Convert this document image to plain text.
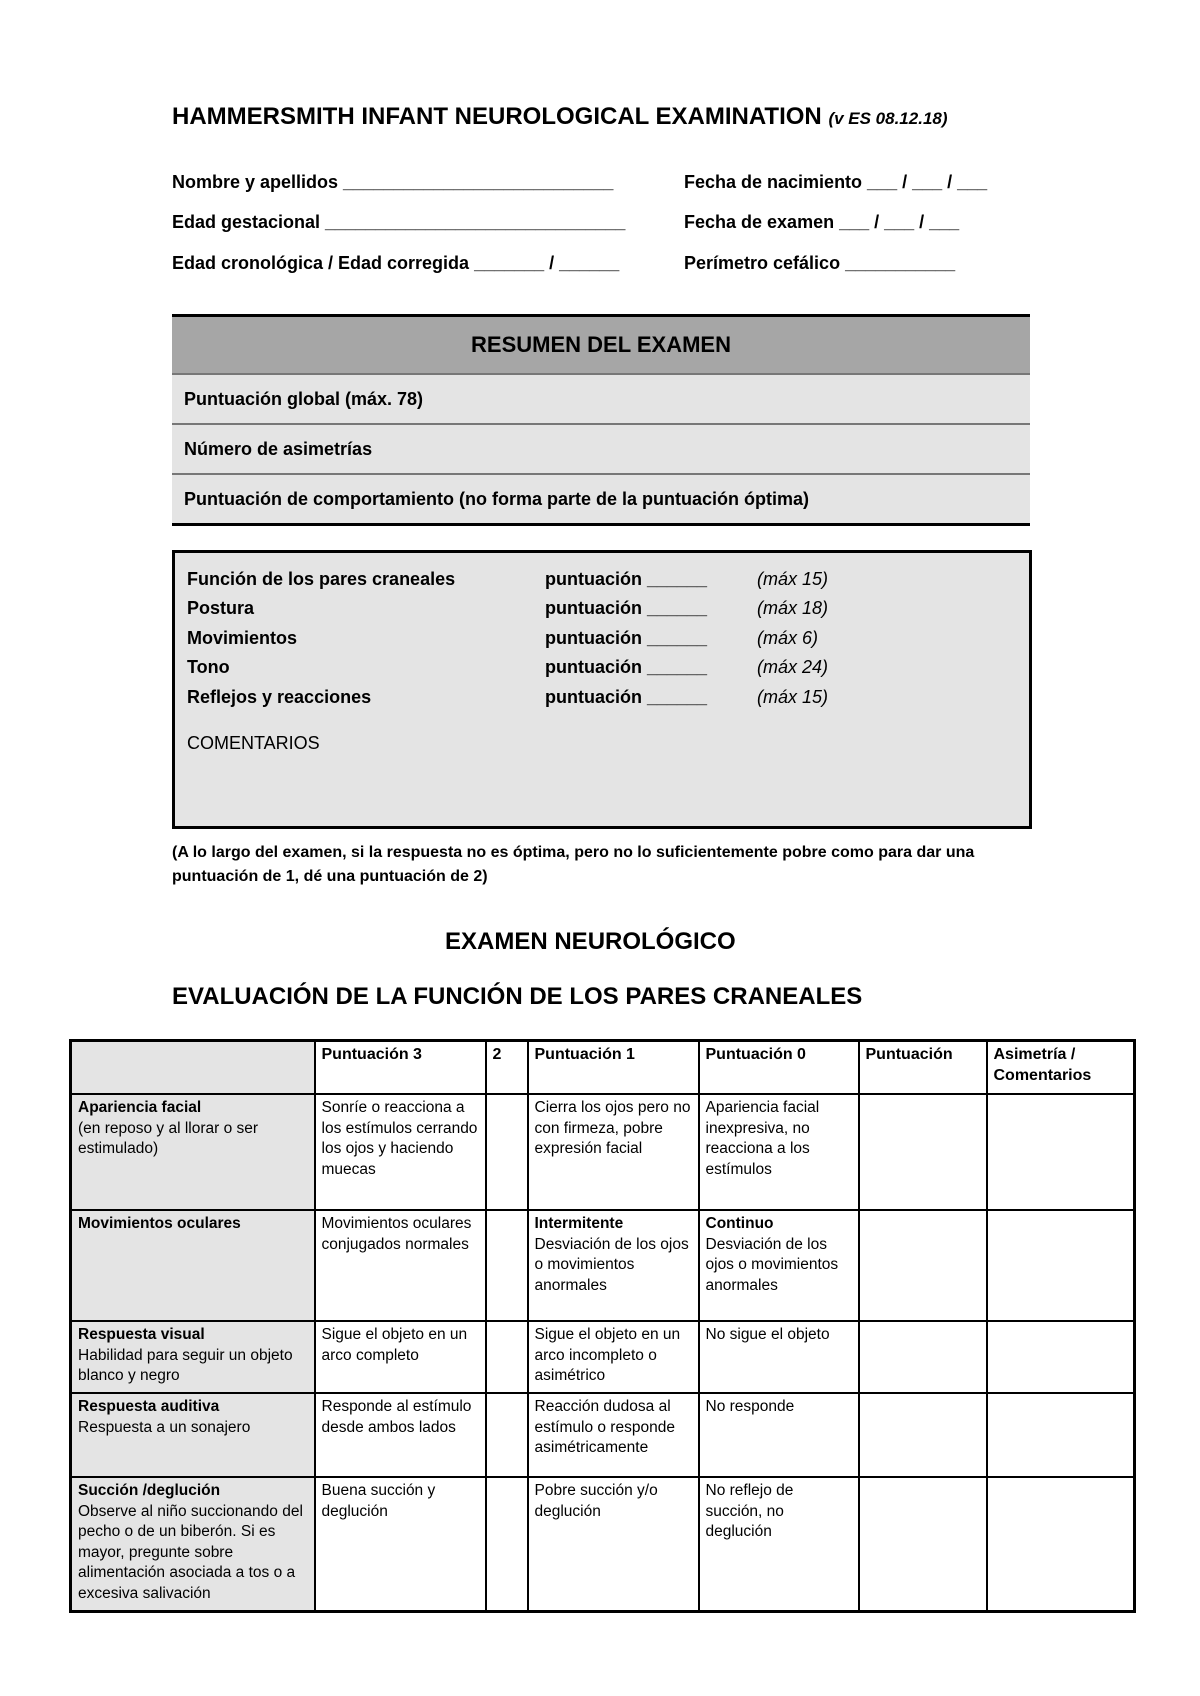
HAMMERSMITH INFANT NEUROLOGICAL EXAMINATION (v ES 08.12.18)
Nombre y apellidos ___________________________	Fecha de nacimiento ___ / ___ / ___
Edad gestacional ______________________________	Fecha de examen ___ / ___ / ___
Edad cronológica / Edad corregida _______ / ______	Perímetro cefálico ___________
RESUMEN DEL EXAMEN
Puntuación global (máx. 78)
Número de asimetrías
Puntuación de comportamiento (no forma parte de la puntuación óptima)
Función de los pares craneales	puntuación ______	(máx 15)
Postura	puntuación ______	(máx 18)
Movimientos	puntuación ______	(máx 6)
Tono	puntuación ______	(máx 24)
Reflejos y reacciones	puntuación ______	(máx 15)
COMENTARIOS
(A lo largo del examen, si la respuesta no es óptima, pero no lo suficientemente pobre como para dar una puntuación de 1, dé una puntuación de 2)
EXAMEN NEUROLÓGICO
EVALUACIÓN DE LA FUNCIÓN DE LOS PARES CRANEALES
	Puntuación 3	2	Puntuación 1	Puntuación 0	Puntuación	Asimetría / Comentarios

Apariencia facial
(en reposo y al llorar o ser estimulado)	Sonríe o reacciona a los estímulos cerrando los ojos y haciendo muecas		Cierra los ojos pero no con firmeza, pobre expresión facial	Apariencia facial inexpresiva, no reacciona a los estímulos		

Movimientos oculares	Movimientos oculares conjugados normales		Intermitente
Desviación de los ojos o movimientos anormales	Continuo
Desviación de los ojos o movimientos anormales		

Respuesta visual
Habilidad para seguir un objeto blanco y negro	Sigue el objeto en un arco completo		Sigue el objeto en un arco incompleto o asimétrico	No sigue el objeto		

Respuesta auditiva
Respuesta a un sonajero	Responde al estímulo desde ambos lados		Reacción dudosa al estímulo o responde asimétricamente	No responde		

Succión /deglución
Observe al niño succionando del pecho o de un biberón. Si es mayor, pregunte sobre alimentación asociada a tos o a excesiva salivación	Buena succión y deglución		Pobre succión y/o deglución	No reflejo de succión, no deglución		
